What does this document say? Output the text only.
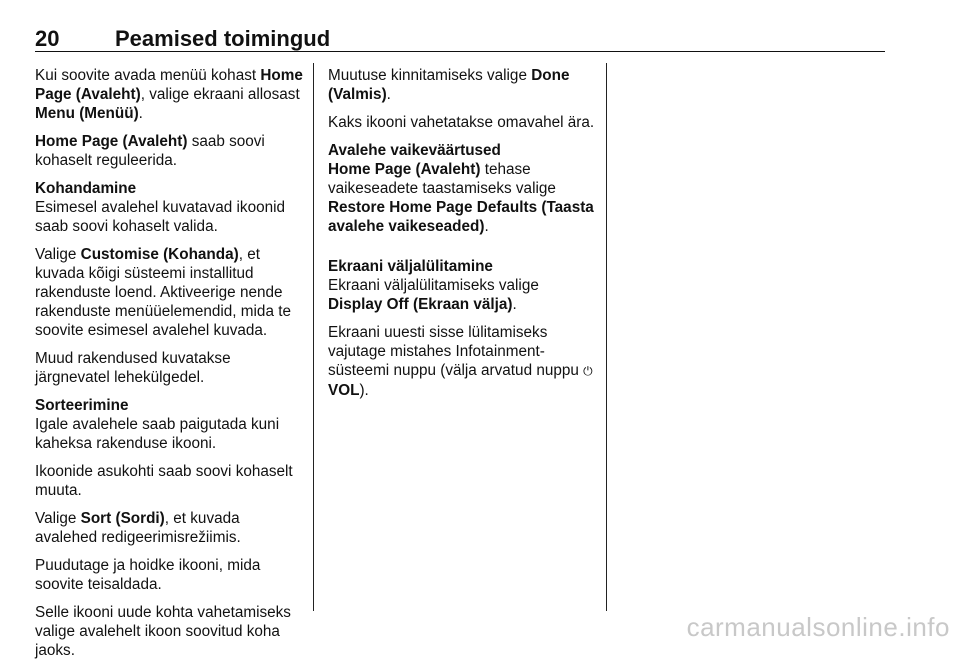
20	Peamised toimingud

Kui soovite avada menüü kohast Home Page (Avaleht), valige ekraani allosast Menu (Menüü).

Home Page (Avaleht) saab soovi kohaselt reguleerida.

Kohandamine

Esimesel avalehel kuvatavad ikoonid saab soovi kohaselt valida.

Valige Customise (Kohanda), et kuvada kõigi süsteemi installitud rakenduste loend. Aktiveerige nende rakenduste menüüelemendid, mida te soovite esimesel avalehel kuvada.

Muud rakendused kuvatakse järgnevatel lehekülgedel.

Sorteerimine

Igale avalehele saab paigutada kuni kaheksa rakenduse ikooni.

Ikoonide asukohti saab soovi kohaselt muuta.

Valige Sort (Sordi), et kuvada avalehed redigeerimisrežiimis.

Puudutage ja hoidke ikooni, mida soovite teisaldada.

Selle ikooni uude kohta vahetamiseks valige avalehelt ikoon soovitud koha jaoks.

Muutuse kinnitamiseks valige Done (Valmis).

Kaks ikooni vahetatakse omavahel ära.

Avalehe vaikeväärtused

Home Page (Avaleht) tehase vaikeseadete taastamiseks valige Restore Home Page Defaults (Taasta avalehe vaikeseaded).

Ekraani väljalülitamine

Ekraani väljalülitamiseks valige Display Off (Ekraan välja).

Ekraani uuesti sisse lülitamiseks vajutage mistahes Infotainment-süsteemi nuppu (välja arvatud nuppu ⏻ VOL).

carmanualsonline.info
